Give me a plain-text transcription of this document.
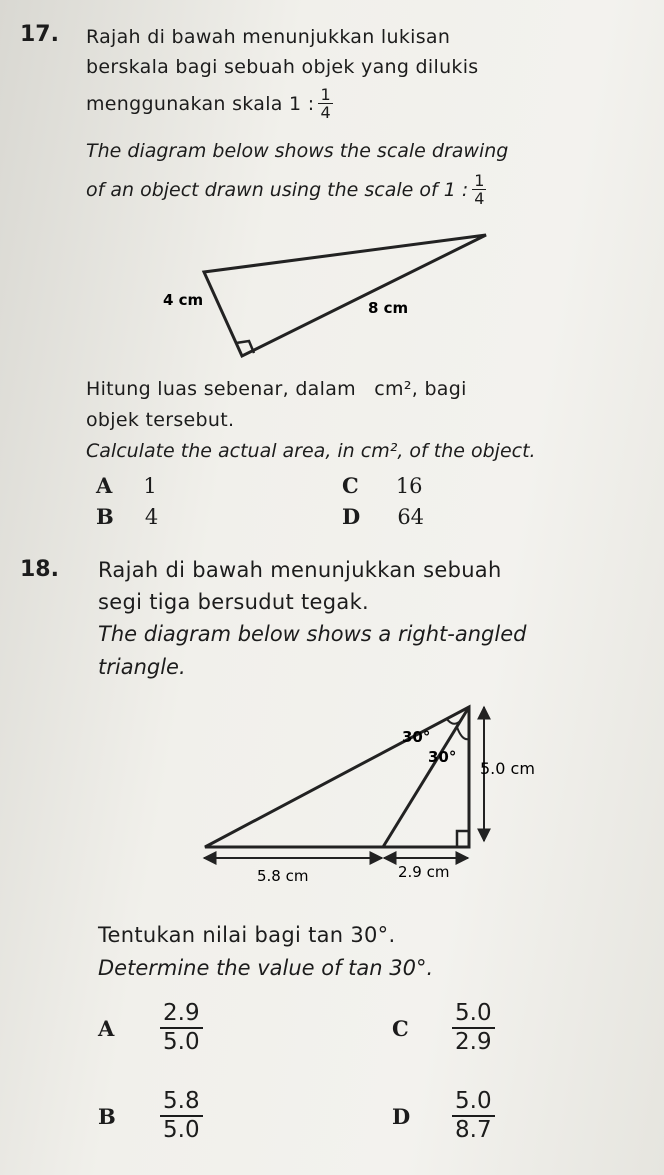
17. Rajah di bawah menunjukkan lukisan
berskala bagi sebuah objek yang dilukis
menggunakan skala 1 : $\frac{1}{4}$
The diagram below shows the scale drawing
of an object drawn using the scale of 1 : $\frac{1}{4}$
4 cm	8 cm
Hitung luas sebenar, dalam cm², bagi
objek tersebut.
Calculate the actual area, in cm², of the object.
A 1
B 4
C 16
D 64
18. Rajah di bawah menunjukkan sebuah
segi tiga bersudut tegak.
The diagram below shows a right-angled
triangle.
30°
30°
5.0 cm
5.8 cm	2.9 cm
Tentukan nilai bagi tan 30°.
Determine the value of tan 30°.
A	$\frac{2.9}{5.0}$
B	$\frac{5.8}{5.0}$
C	$\frac{5.0}{2.9}$
D	$\frac{5.0}{8.7}$
